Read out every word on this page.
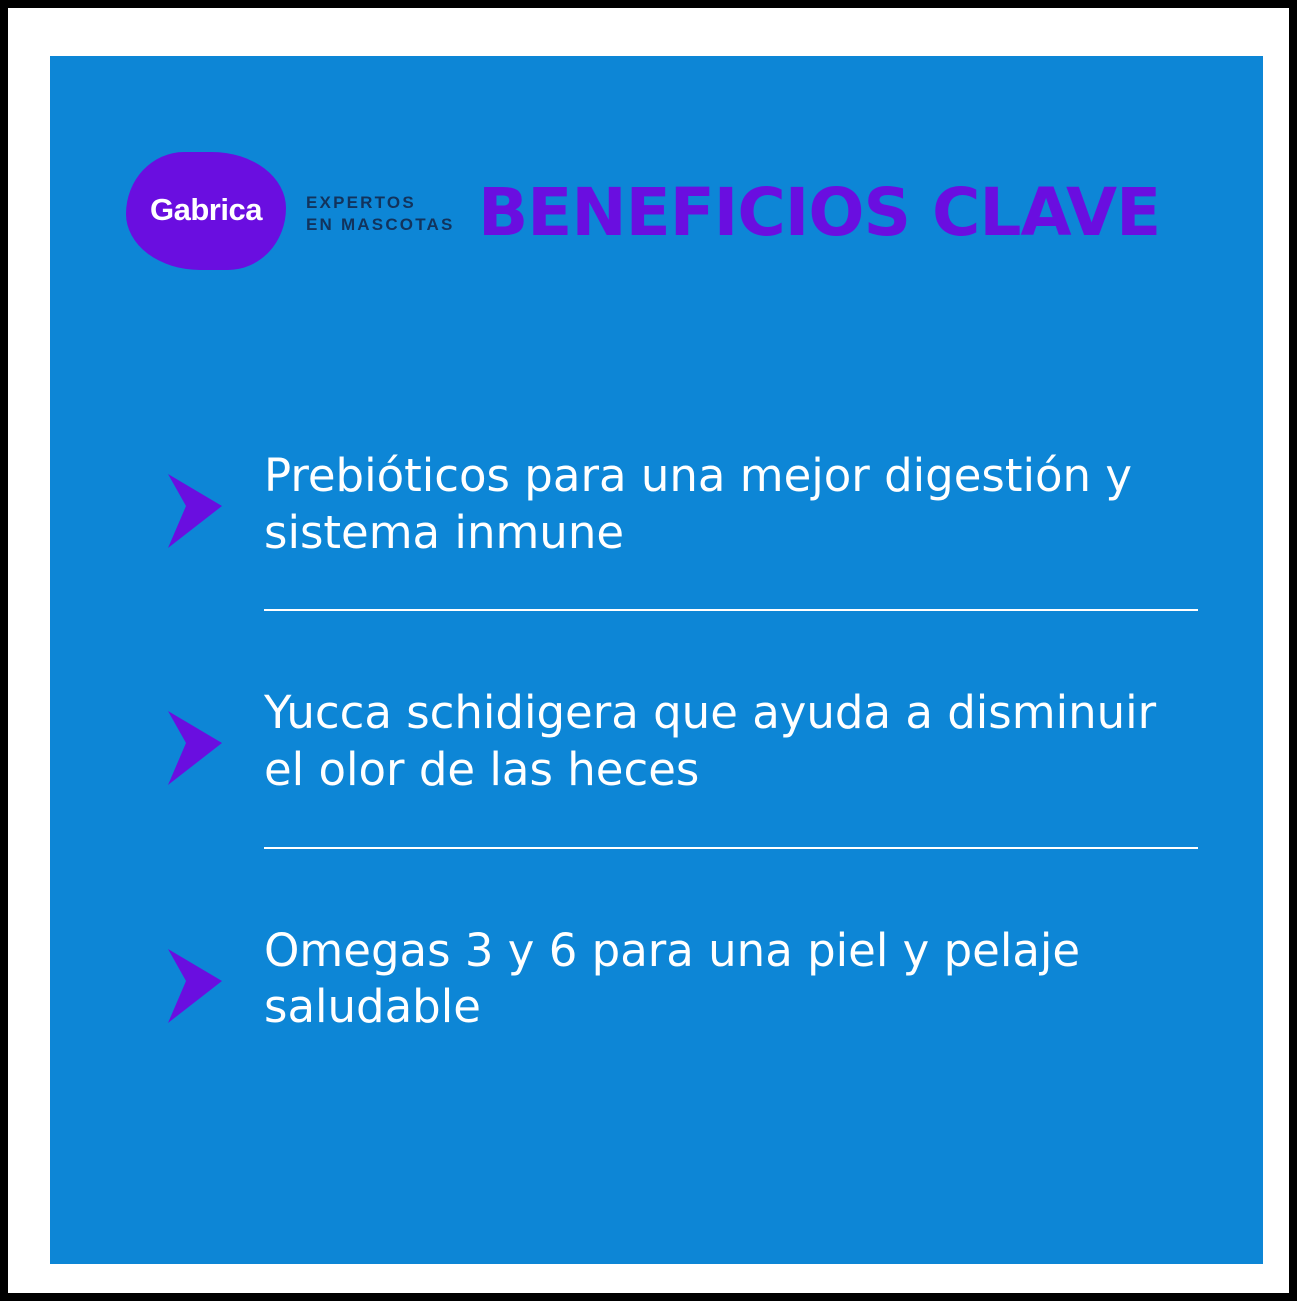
Gabrica	EXPERTOS
EN MASCOTAS BENEFICIOS CLAVE
Prebióticos para una mejor digestión y sistema inmune
Yucca schidigera que ayuda a disminuir el olor de las heces
Omegas 3 y 6 para una piel y pelaje saludable
